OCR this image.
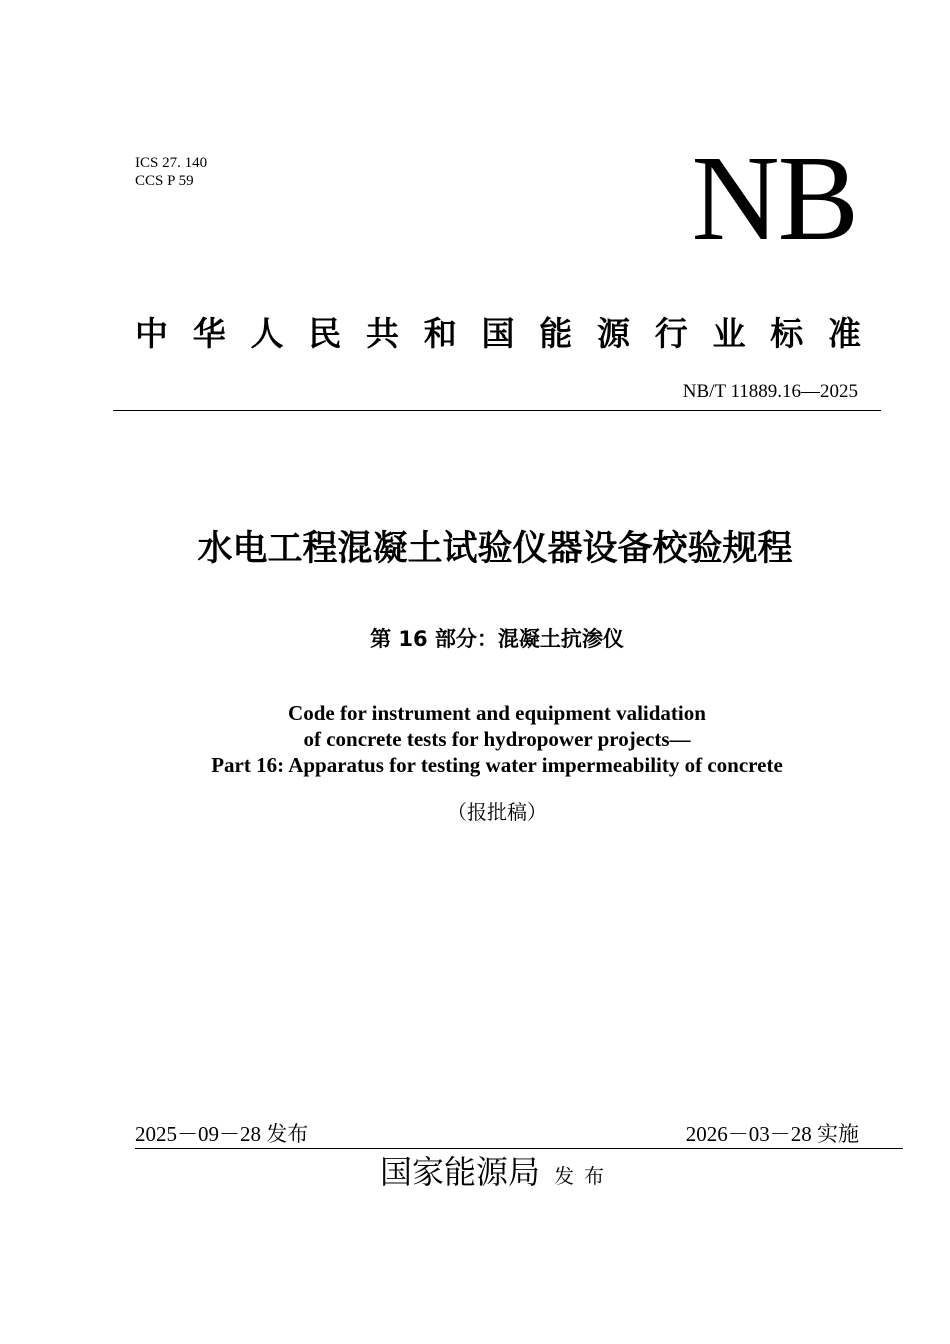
ICS 27. 140
CCS P 59	NB
中 华 人 民 共 和 国 能 源 行 业 标 准
NB/T 11889.16—2025
水电工程混凝土试验仪器设备校验规程
第 16 部分：混凝土抗渗仪
Code for instrument and equipment validation
of concrete tests for hydropower projects—
Part 16: Apparatus for testing water impermeability of concrete
（报批稿）
2025－09－28 发布	2026－03－28 实施
国家能源局 发布
